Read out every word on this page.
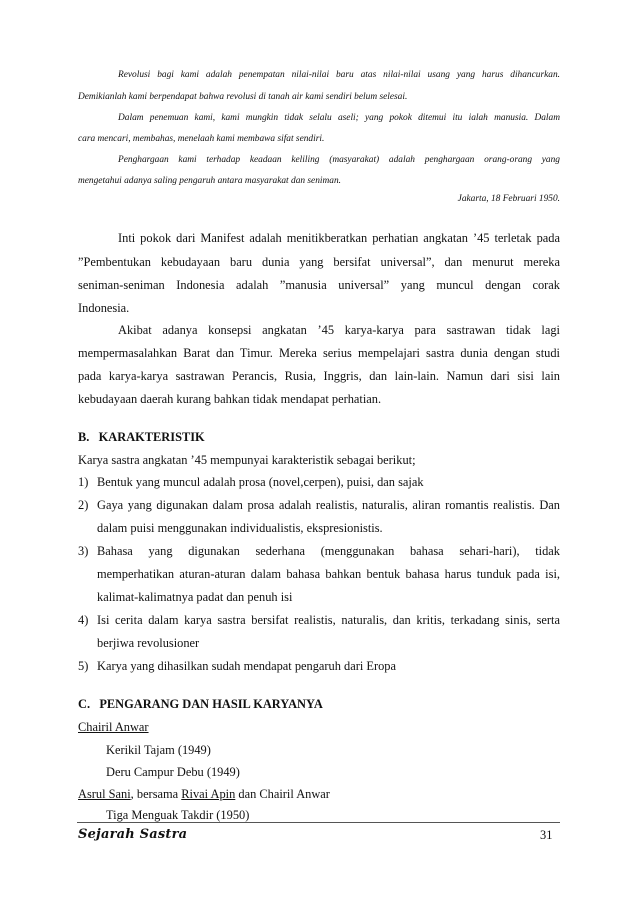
Revolusi bagi kami adalah penempatan nilai-nilai baru atas nilai-nilai usang yang harus dihancurkan.
Demikianlah kami berpendapat bahwa revolusi di tanah air kami sendiri belum selesai.
Dalam penemuan kami, kami mungkin tidak selalu aseli; yang pokok ditemui itu ialah manusia. Dalam
cara mencari, membahas, menelaah kami membawa sifat sendiri.
Penghargaan kami terhadap keadaan keliling (masyarakat) adalah penghargaan orang-orang yang
mengetahui adanya saling pengaruh antara masyarakat dan seniman.
Jakarta, 18 Februari 1950.
Inti pokok dari Manifest adalah menitikberatkan perhatian angkatan ’45 terletak pada
”Pembentukan kebudayaan baru dunia yang bersifat universal”, dan menurut mereka
seniman-seniman Indonesia adalah ”manusia universal” yang muncul dengan corak
Indonesia.
Akibat adanya konsepsi angkatan ’45 karya-karya para sastrawan tidak lagi
mempermasalahkan Barat dan Timur. Mereka serius mempelajari sastra dunia dengan studi
pada karya-karya sastrawan Perancis, Rusia, Inggris, dan lain-lain. Namun dari sisi lain
kebudayaan daerah kurang bahkan tidak mendapat perhatian.
B.   KARAKTERISTIK
Karya sastra angkatan ’45 mempunyai karakteristik sebagai berikut;
1) Bentuk yang muncul adalah prosa (novel,cerpen), puisi, dan sajak
2) Gaya yang digunakan dalam prosa adalah realistis, naturalis, aliran romantis realistis. Dan
dalam puisi menggunakan individualistis, ekspresionistis.
3) Bahasa yang digunakan sederhana (menggunakan bahasa sehari-hari), tidak
memperhatikan aturan-aturan dalam bahasa bahkan bentuk bahasa harus tunduk pada isi,
kalimat-kalimatnya padat dan penuh isi
4) Isi cerita dalam karya sastra bersifat realistis, naturalis, dan kritis, terkadang sinis, serta
berjiwa revolusioner
5) Karya yang dihasilkan sudah mendapat pengaruh dari Eropa
C.   PENGARANG DAN HASIL KARYANYA
Chairil Anwar
Kerikil Tajam (1949)
Deru Campur Debu (1949)
Asrul Sani, bersama Rivai Apin dan Chairil Anwar
Tiga Menguak Takdir (1950)
Sejarah Sastra	31
